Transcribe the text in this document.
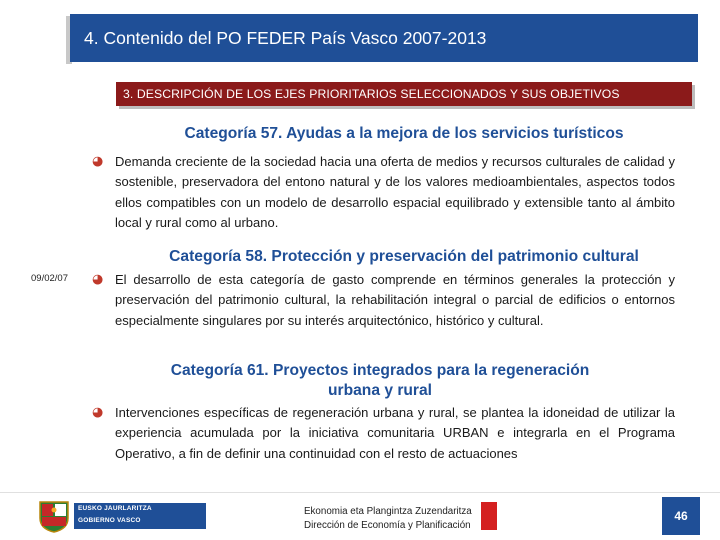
4. Contenido del PO FEDER País Vasco 2007-2013
3. DESCRIPCIÓN DE LOS EJES PRIORITARIOS SELECCIONADOS Y SUS OBJETIVOS
Categoría 57. Ayudas a la mejora de los servicios turísticos
◕ Demanda creciente de la sociedad hacia una oferta de medios y recursos culturales de calidad y sostenible, preservadora del entono natural y de los valores medioambientales, aspectos todos ellos compatibles con un modelo de desarrollo espacial equilibrado y extensible tanto al ámbito local y rural como al urbano.
Categoría 58. Protección y preservación del patrimonio cultural
09/02/07 ◕ El desarrollo de esta categoría de gasto comprende en términos generales la protección y preservación del patrimonio cultural, la rehabilitación integral o parcial de edificios o entornos especialmente singulares por su interés arquitectónico, histórico y cultural.
Categoría 61. Proyectos integrados para la regeneración
urbana y rural
◕ Intervenciones específicas de regeneración urbana y rural, se plantea la idoneidad de utilizar la experiencia acumulada por la iniciativa comunitaria URBAN e integrarla en el Programa Operativo, a fin de definir una continuidad con el resto de actuaciones
EUSKO JAURLARITZA
GOBIERNO VASCO
Ekonomia eta Plangintza Zuzendaritza
Dirección de Economía y Planificación
46
